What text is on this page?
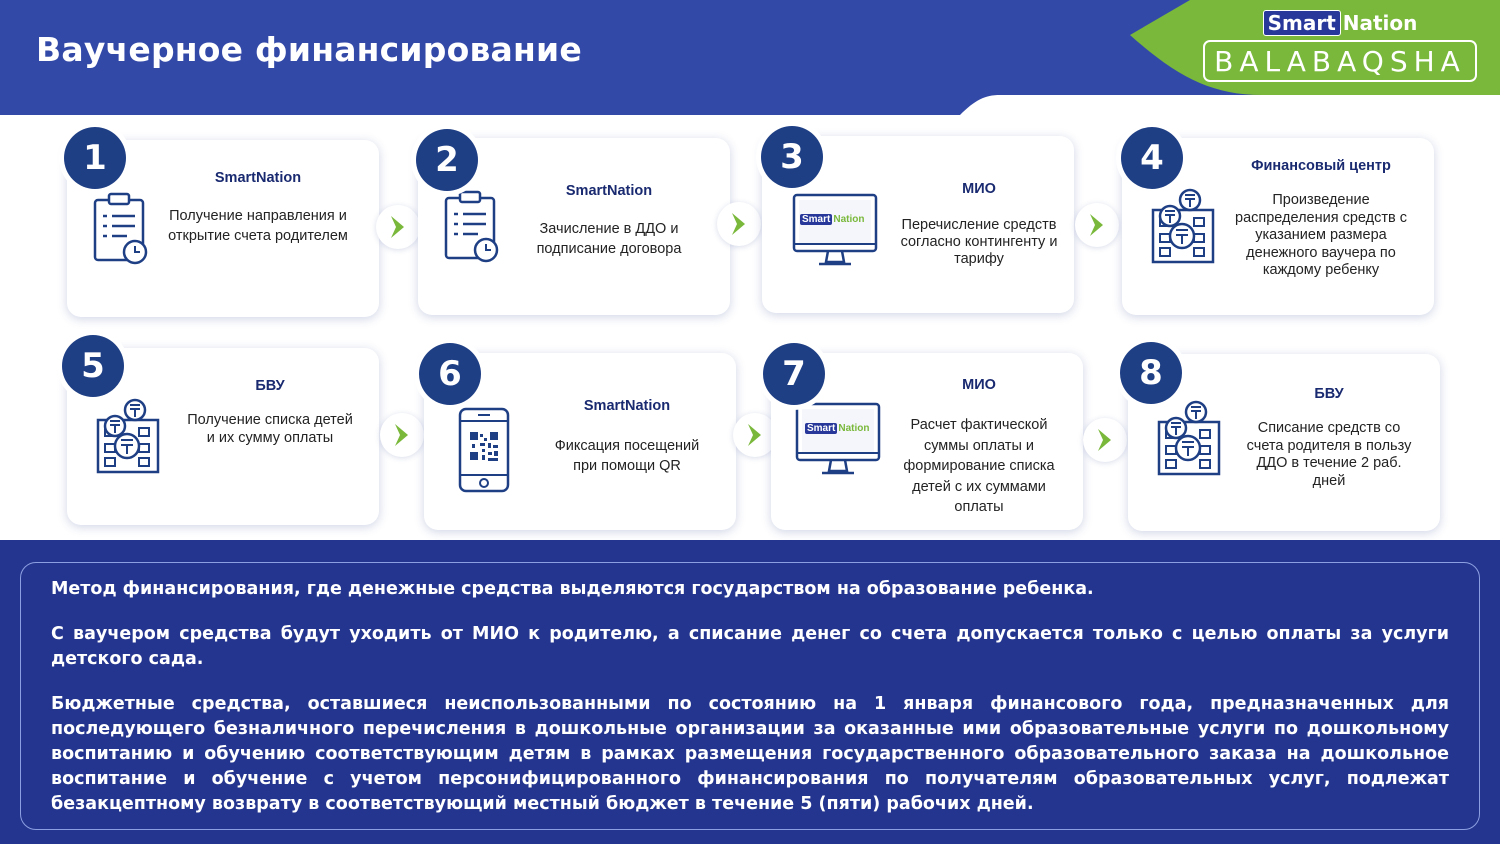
Ваучерное финансирование
Smart Nation
BALABAQSHA
SmartNation
Получение направления и открытие счета родителем
1
SmartNation
Зачисление в ДДО и подписание договора
2
Smart Nation
МИО
Перечисление средств согласно контингенту и тарифу
3	Финансовый центр
Произведение распределения средств с указанием размера денежного ваучера по каждому ребенку
4
БВУ
Получение списка детей и их сумму оплаты
5
SmartNation
Фиксация посещений при помощи QR
6
Smart Nation
МИО
Расчет фактической суммы оплаты и формирование списка детей с их суммами оплаты
7	БВУ
Списание средств со счета родителя в пользу ДДО в течение 2 раб. дней
8

Метод финансирования, где денежные средства выделяются государством на образование ребенка.

С ваучером средства будут уходить от МИО к родителю, а списание денег со счета допускается только с целью оплаты за услуги детского сада.

Бюджетные средства, оставшиеся неиспользованными по состоянию на 1 января финансового года, предназначенных для последующего безналичного перечисления в дошкольные организации за оказанные ими образовательные услуги по дошкольному воспитанию и обучению соответствующим детям в рамках размещения государственного образовательного заказа на дошкольное воспитание и обучение с учетом персонифицированного финансирования по получателям образовательных услуг, подлежат безакцептному возврату в соответствующий местный бюджет в течение 5 (пяти) рабочих дней.
